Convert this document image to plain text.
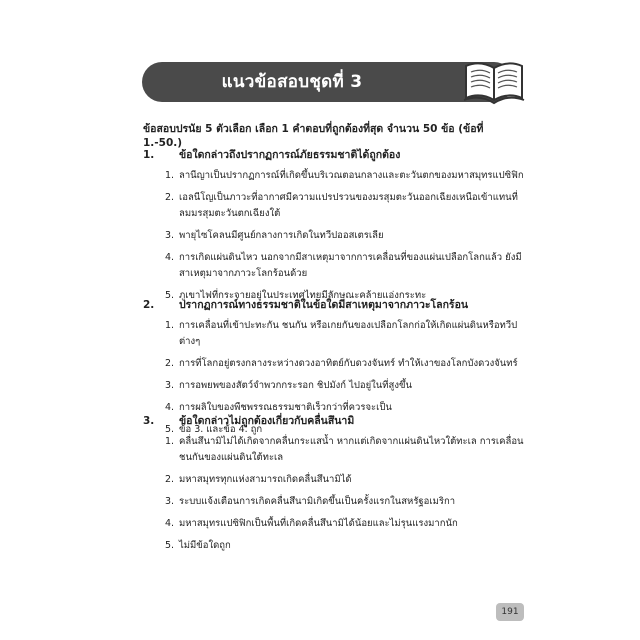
แนวข้อสอบชุดที่ 3
ข้อสอบปรนัย 5 ตัวเลือก เลือก 1 คำตอบที่ถูกต้องที่สุด จำนวน 50 ข้อ (ข้อที่ 1.-50.)
1.	ข้อใดกล่าวถึงปรากฏการณ์ภัยธรรมชาติได้ถูกต้อง
1. ลานีญาเป็นปรากฏการณ์ที่เกิดขึ้นบริเวณตอนกลางและตะวันตกของมหาสมุทรแปซิฟิก
2. เอลนีโญเป็นภาวะที่อากาศมีความแปรปรวนของมรสุมตะวันออกเฉียงเหนือเข้าแทนที่ลมมรสุมตะวันตกเฉียงใต้
3. พายุไซโคลนมีศูนย์กลางการเกิดในทวีปออสเตรเลีย
4. การเกิดแผ่นดินไหว นอกจากมีสาเหตุมาจากการเคลื่อนที่ของแผ่นเปลือกโลกแล้ว ยังมีสาเหตุมาจากภาวะโลกร้อนด้วย
5. ภูเขาไฟที่กระจายอยู่ในประเทศไทยมีลักษณะคล้ายแอ่งกระทะ
2.	ปรากฏการณ์ทางธรรมชาติในข้อใดมีสาเหตุมาจากภาวะโลกร้อน
1. การเคลื่อนที่เข้าปะทะกัน ชนกัน หรือเกยกันของเปลือกโลกก่อให้เกิดแผ่นดินหรือทวีปต่างๆ
2. การที่โลกอยู่ตรงกลางระหว่างดวงอาทิตย์กับดวงจันทร์ ทำให้เงาของโลกบังดวงจันทร์
3. การอพยพของสัตว์จำพวกกระรอก ชิปมังก์ ไปอยู่ในที่สูงขึ้น
4. การผลิใบของพืชพรรณธรรมชาติเร็วกว่าที่ควรจะเป็น
5. ข้อ 3. และข้อ 4. ถูก
3.	ข้อใดกล่าวไม่ถูกต้องเกี่ยวกับคลื่นสึนามิ
1. คลื่นสึนามิไม่ได้เกิดจากคลื่นกระแสน้ำ หากแต่เกิดจากแผ่นดินไหวใต้ทะเล การเคลื่อนชนกันของแผ่นดินใต้ทะเล
2. มหาสมุทรทุกแห่งสามารถเกิดคลื่นสึนามิได้
3. ระบบแจ้งเตือนการเกิดคลื่นสึนามิเกิดขึ้นเป็นครั้งแรกในสหรัฐอเมริกา
4. มหาสมุทรแปซิฟิกเป็นพื้นที่เกิดคลื่นสึนามิได้น้อยและไม่รุนแรงมากนัก
5. ไม่มีข้อใดถูก
191
